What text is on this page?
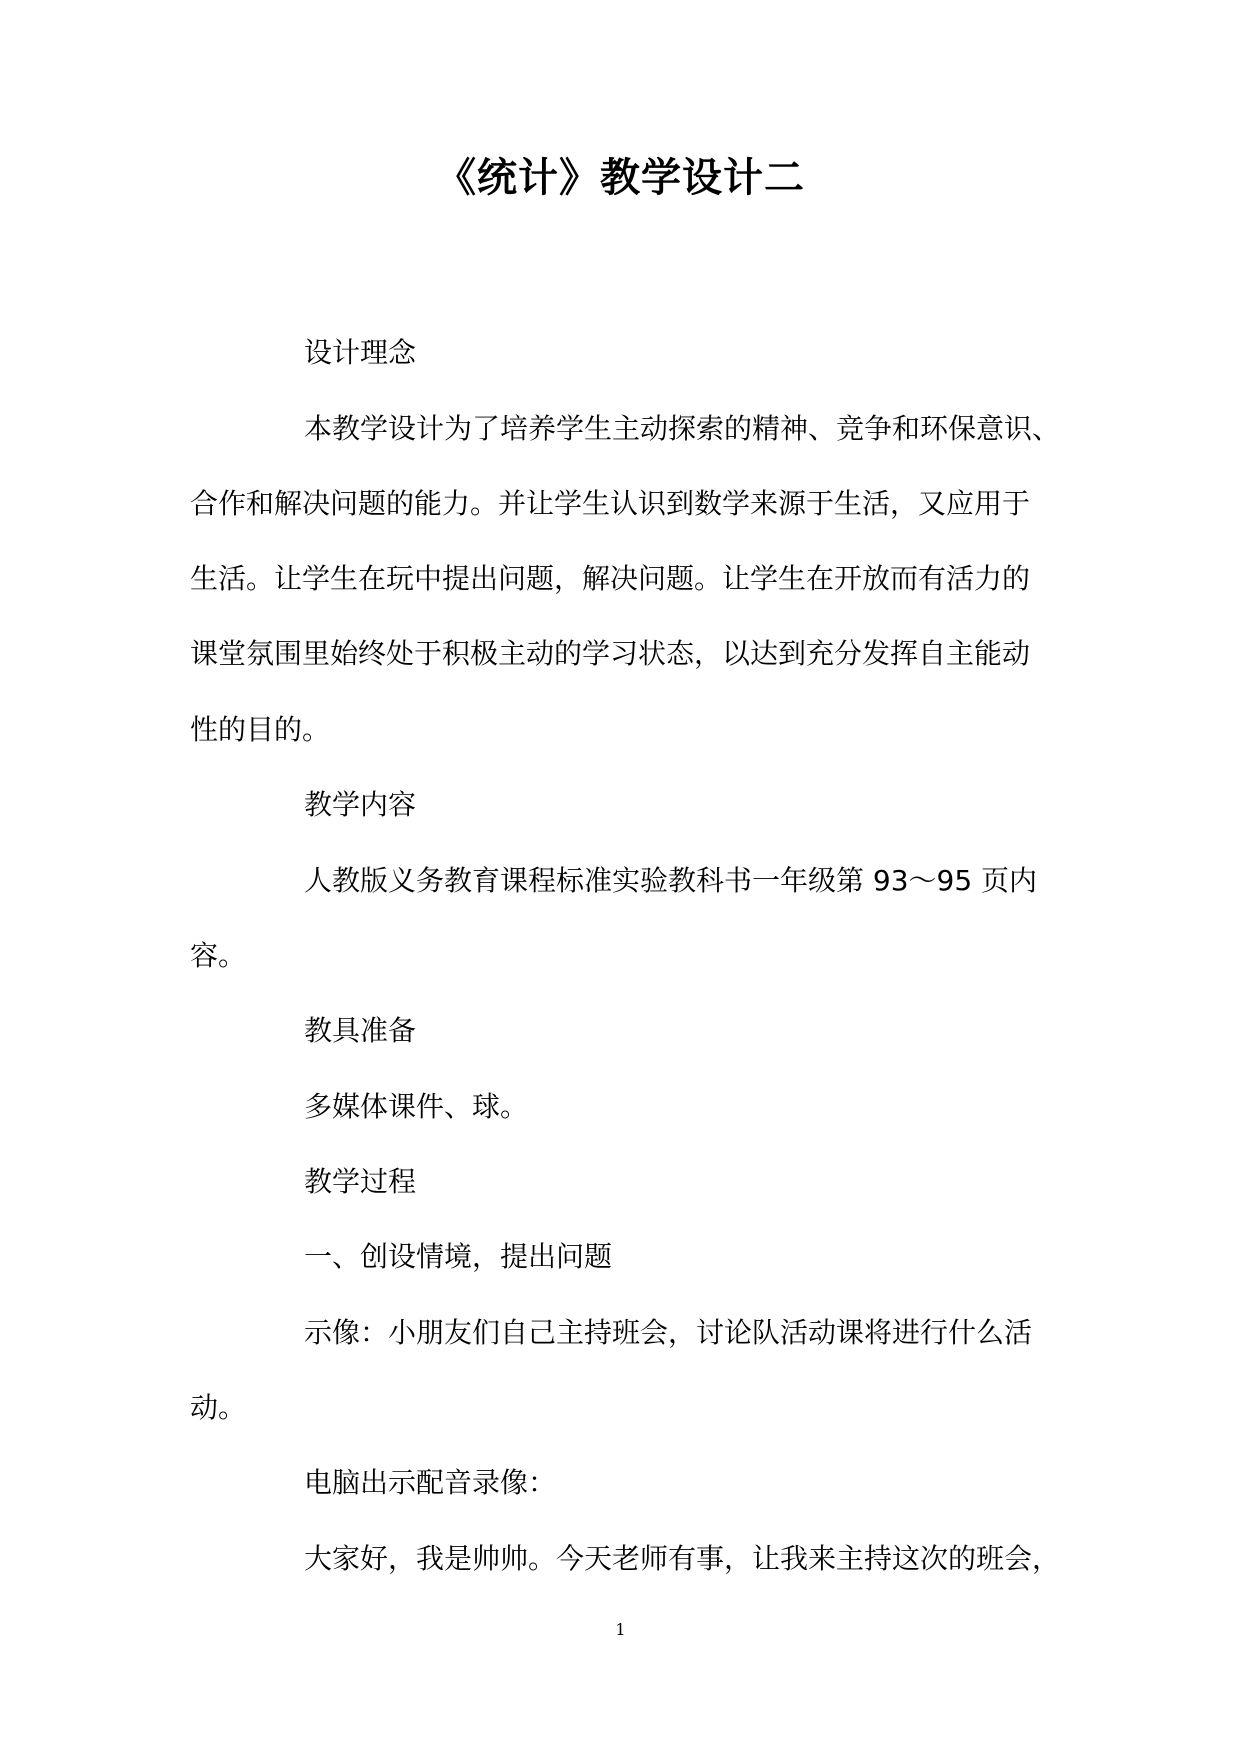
《统计》教学设计二
设计理念
本教学设计为了培养学生主动探索的精神、竞争和环保意识、
合作和解决问题的能力。并让学生认识到数学来源于生活，又应用于
生活。让学生在玩中提出问题，解决问题。让学生在开放而有活力的
课堂氛围里始终处于积极主动的学习状态，以达到充分发挥自主能动
性的目的。
教学内容
人教版义务教育课程标准实验教科书一年级第 93～95 页内
容。
教具准备
多媒体课件、球。
教学过程
一、创设情境，提出问题
示像：小朋友们自己主持班会，讨论队活动课将进行什么活
动。
电脑出示配音录像：
大家好，我是帅帅。今天老师有事，让我来主持这次的班会，
1
